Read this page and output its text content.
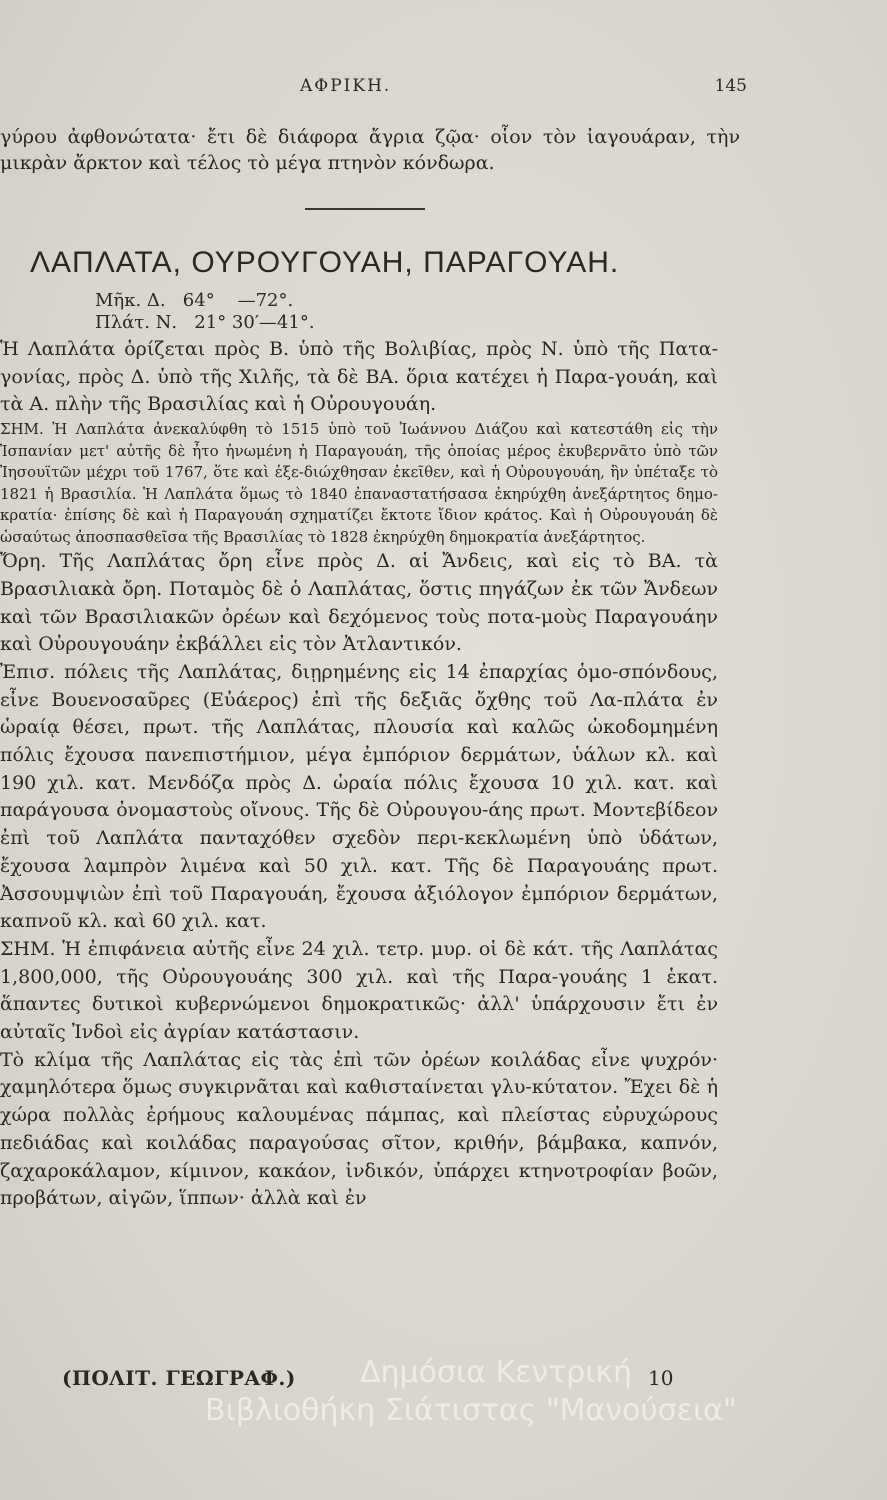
ΑΦΡΙΚΗ.	145

γύρου ἀφθονώτατα· ἔτι δὲ διάφορα ἄγρια ζῷα· οἷον τὸν ἰαγουάραν, τὴν μικρὰν ἄρκτον καὶ τέλος τὸ μέγα πτηνὸν κόνδωρα.

ΛΑΠΛΑΤΑ, ΟΥΡΟΥΓΟΥΑΗ, ΠΑΡΑΓΟΥΑΗ.
Μῆκ. Δ.   64°    —72°.
Πλάτ. Ν.   21° 30′—41°.

Ἡ Λαπλάτα ὁρίζεται πρὸς Β. ὑπὸ τῆς Βολιβίας, πρὸς Ν. ὑπὸ τῆς Πατα-γονίας, πρὸς Δ. ὑπὸ τῆς Χιλῆς, τὰ δὲ ΒΑ. ὅρια κατέχει ἡ Παρα-γουάη, καὶ τὰ Α. πλὴν τῆς Βρασιλίας καὶ ἡ Οὐρουγουάη.

ΣΗΜ. Ἡ Λαπλάτα ἀνεκαλύφθη τὸ 1515 ὑπὸ τοῦ Ἰωάννου Διάζου καὶ κατεστάθη εἰς τὴν Ἱσπανίαν μετ' αὐτῆς δὲ ἦτο ἡνωμένη ἡ Παραγουάη, τῆς ὁποίας μέρος ἐκυβερνᾶτο ὑπὸ τῶν Ἰησουϊτῶν μέχρι τοῦ 1767, ὅτε καὶ ἐξε-διώχθησαν ἐκεῖθεν, καὶ ἡ Οὐρουγουάη, ἣν ὑπέταξε τὸ 1821 ἡ Βρασιλία. Ἡ Λαπλάτα ὅμως τὸ 1840 ἐπαναστατήσασα ἐκηρύχθη ἀνεξάρτητος δημο-κρατία· ἐπίσης δὲ καὶ ἡ Παραγουάη σχηματίζει ἔκτοτε ἴδιον κράτος. Καὶ ἡ Οὐρουγουάη δὲ ὡσαύτως ἀποσπασθεῖσα τῆς Βρασιλίας τὸ 1828 ἐκηρύχθη δημοκρατία ἀνεξάρτητος.

Ὄρη. Τῆς Λαπλάτας ὄρη εἶνε πρὸς Δ. αἱ Ἄνδεις, καὶ εἰς τὸ ΒΑ. τὰ Βρασιλιακὰ ὄρη. Ποταμὸς δὲ ὁ Λαπλάτας, ὅστις πηγάζων ἐκ τῶν Ἄνδεων καὶ τῶν Βρασιλιακῶν ὀρέων καὶ δεχόμενος τοὺς ποτα-μοὺς Παραγουάην καὶ Οὐρουγουάην ἐκβάλλει εἰς τὸν Ἀτλαντικόν.

Ἐπισ. πόλεις τῆς Λαπλάτας, διῃρημένης εἰς 14 ἐπαρχίας ὁμο-σπόνδους, εἶνε Βουενοσαῦρες (Εὐάερος) ἐπὶ τῆς δεξιᾶς ὄχθης τοῦ Λα-πλάτα ἐν ὡραίᾳ θέσει, πρωτ. τῆς Λαπλάτας, πλουσία καὶ καλῶς ὠκοδομημένη πόλις ἔχουσα πανεπιστήμιον, μέγα ἐμπόριον δερμάτων, ὑάλων κλ. καὶ 190 χιλ. κατ. Μενδόζα πρὸς Δ. ὡραία πόλις ἔχουσα 10 χιλ. κατ. καὶ παράγουσα ὀνομαστοὺς οἴνους. Τῆς δὲ Οὐρουγου-άης πρωτ. Μοντεβίδεον ἐπὶ τοῦ Λαπλάτα πανταχόθεν σχεδὸν περι-κεκλωμένη ὑπὸ ὑδάτων, ἔχουσα λαμπρὸν λιμένα καὶ 50 χιλ. κατ. Τῆς δὲ Παραγουάης πρωτ. Ἀσσουμψιὼν ἐπὶ τοῦ Παραγουάη, ἔχουσα ἀξιόλογον ἐμπόριον δερμάτων, καπνοῦ κλ. καὶ 60 χιλ. κατ.

ΣΗΜ. Ἡ ἐπιφάνεια αὐτῆς εἶνε 24 χιλ. τετρ. μυρ. οἱ δὲ κάτ. τῆς Λαπλάτας 1,800,000, τῆς Οὐρουγουάης 300 χιλ. καὶ τῆς Παρα-γουάης 1 ἑκατ. ἅπαντες δυτικοὶ κυβερνώμενοι δημοκρατικῶς· ἀλλ' ὑπάρχουσιν ἔτι ἐν αὐταῖς Ἰνδοὶ εἰς ἀγρίαν κατάστασιν.

Τὸ κλίμα τῆς Λαπλάτας εἰς τὰς ἐπὶ τῶν ὀρέων κοιλάδας εἶνε ψυχρόν· χαμηλότερα ὅμως συγκιρνᾶται καὶ καθισταίνεται γλυ-κύτατον. Ἔχει δὲ ἡ χώρα πολλὰς ἐρήμους καλουμένας πάμπας, καὶ πλείστας εὐρυχώρους πεδιάδας καὶ κοιλάδας παραγούσας σῖτον, κριθήν, βάμβακα, καπνόν, ζαχαροκάλαμον, κίμινον, κακάον, ἰνδικόν, ὑπάρχει κτηνοτροφίαν βοῶν, προβάτων, αἰγῶν, ἵππων· ἀλλὰ καὶ ἐν

(ΠΟΛΙΤ. ΓΕΩΓΡΑΦ.)	10
Δημόσια Κεντρική
Βιβλιοθήκη Σιάτιστας "Μανούσεια"
